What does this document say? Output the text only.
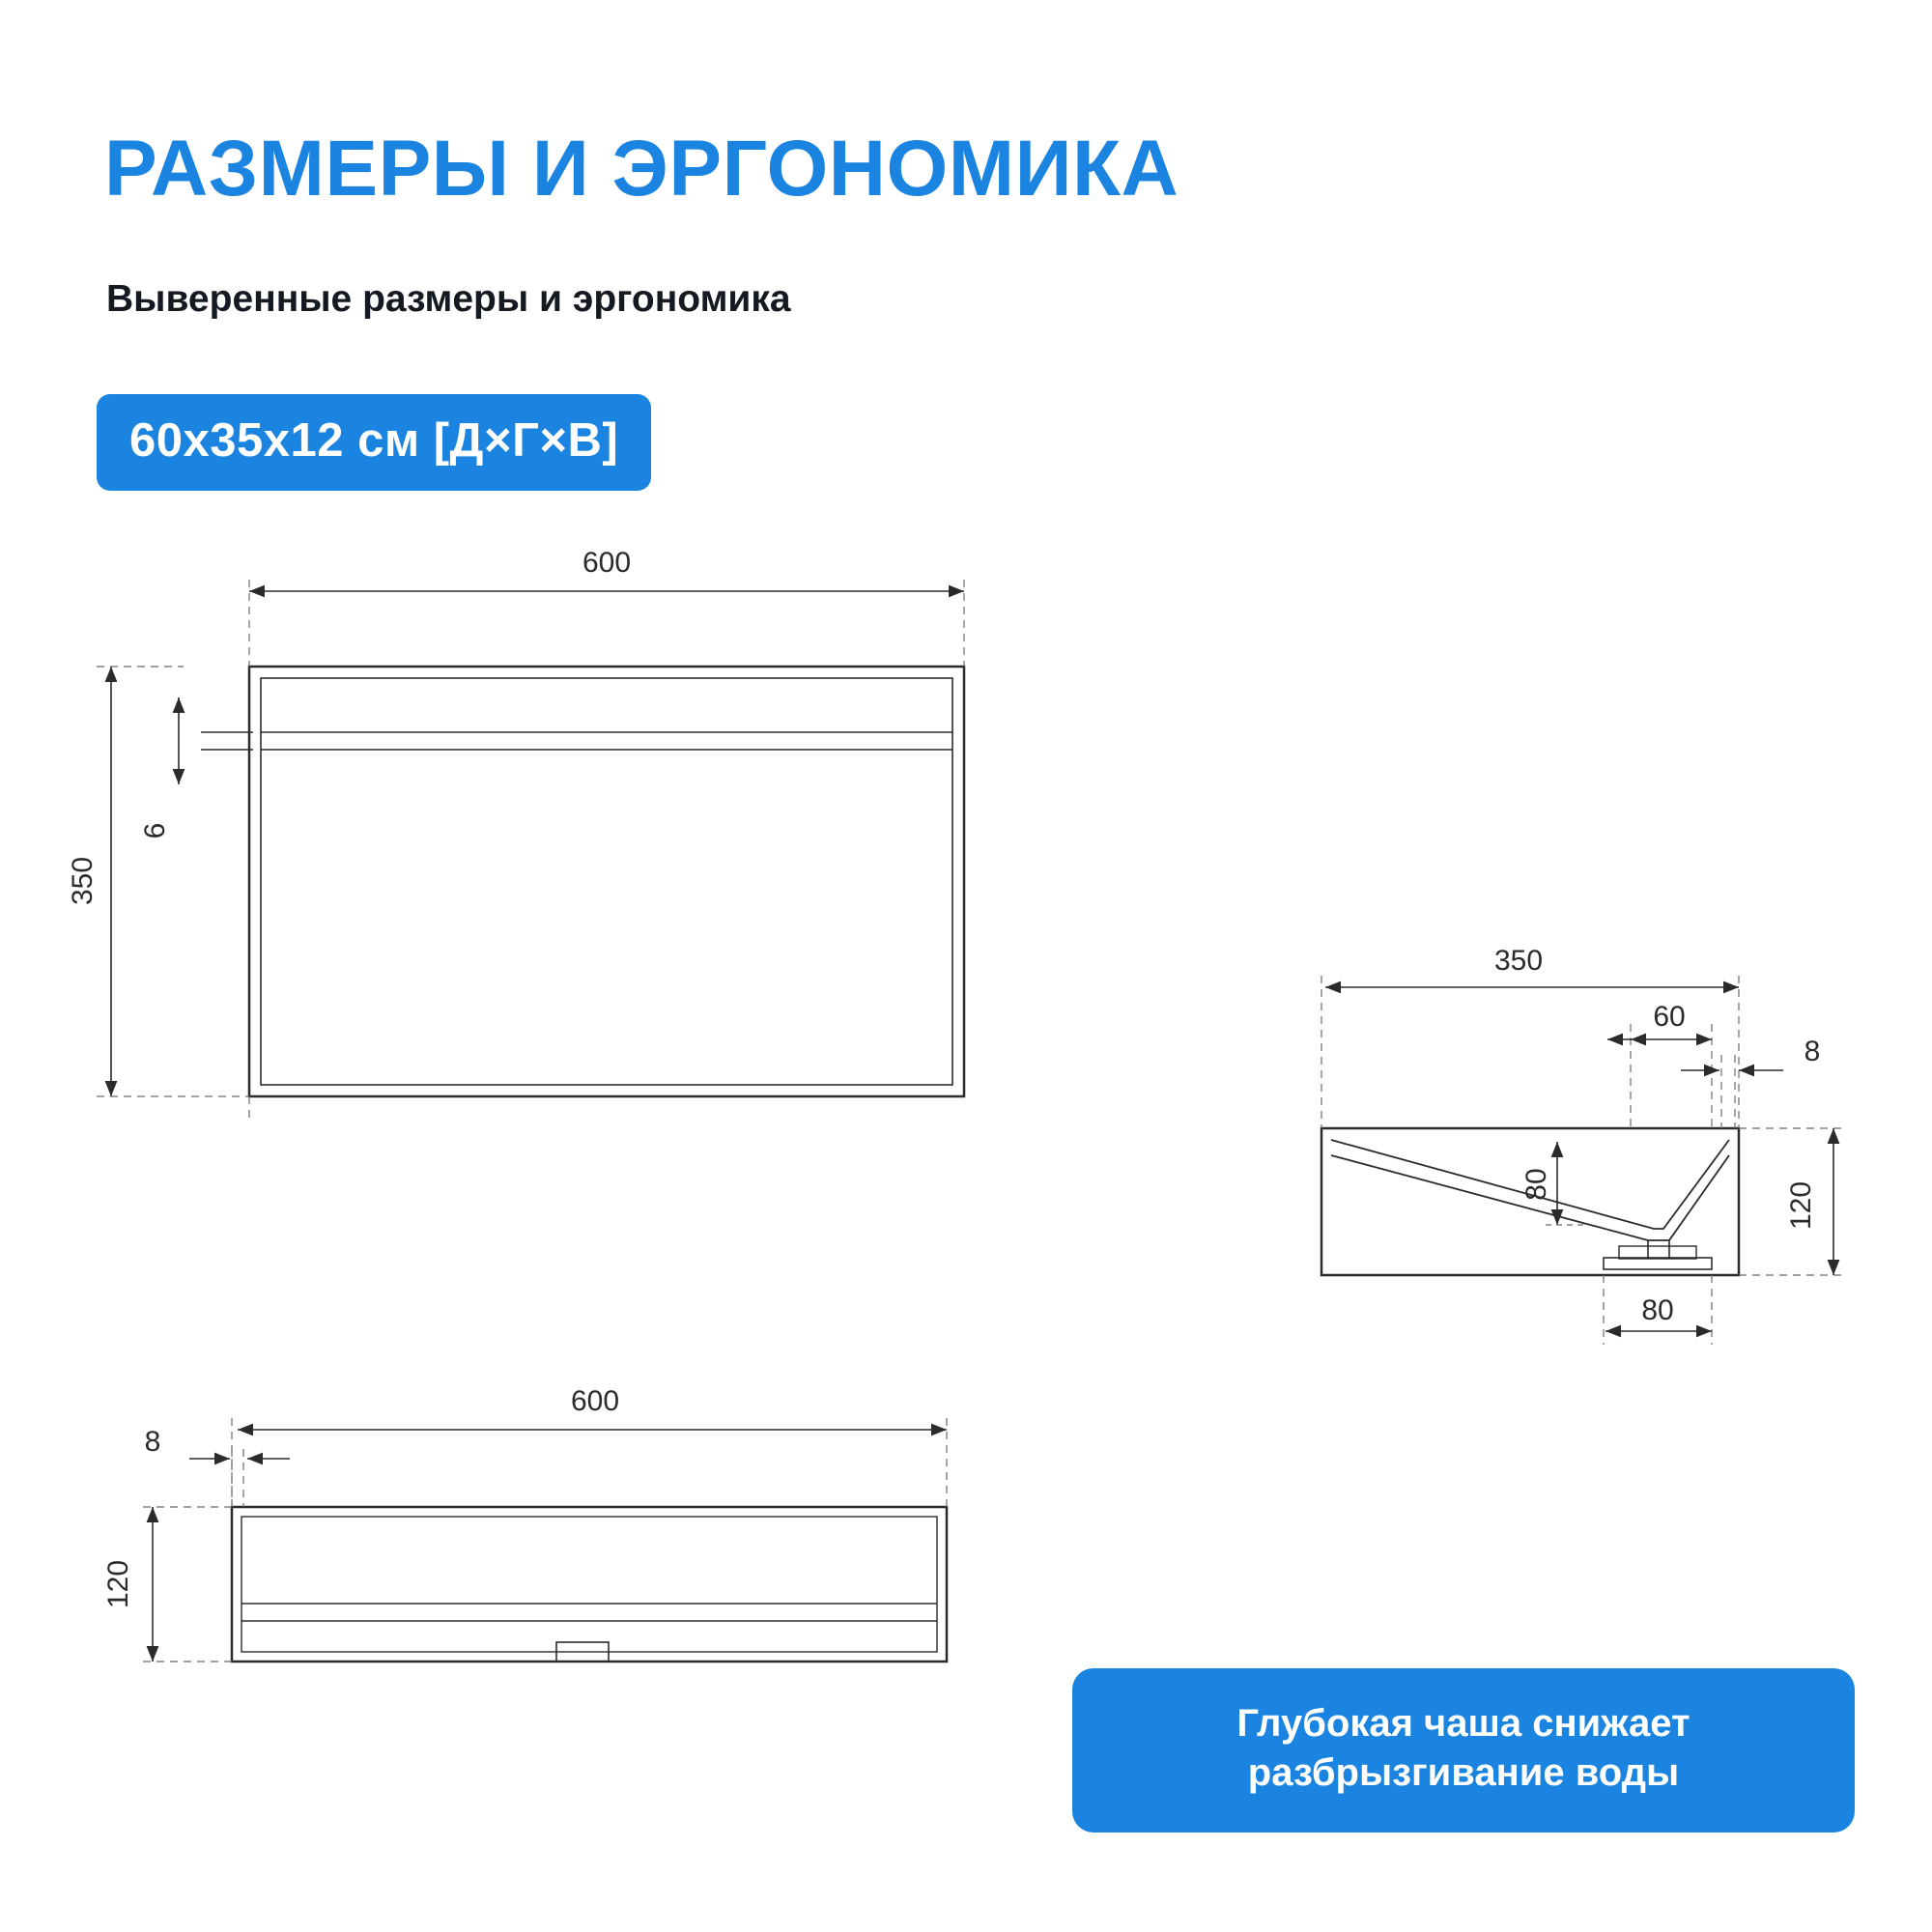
РАЗМЕРЫ И ЭРГОНОМИКА
Выверенные размеры и эргономика
60x35x12 см [Д×Г×В]
600
350
6
600
8
120
350
60
8
120
80
80
Глубокая чаша снижает
разбрызгивание воды
